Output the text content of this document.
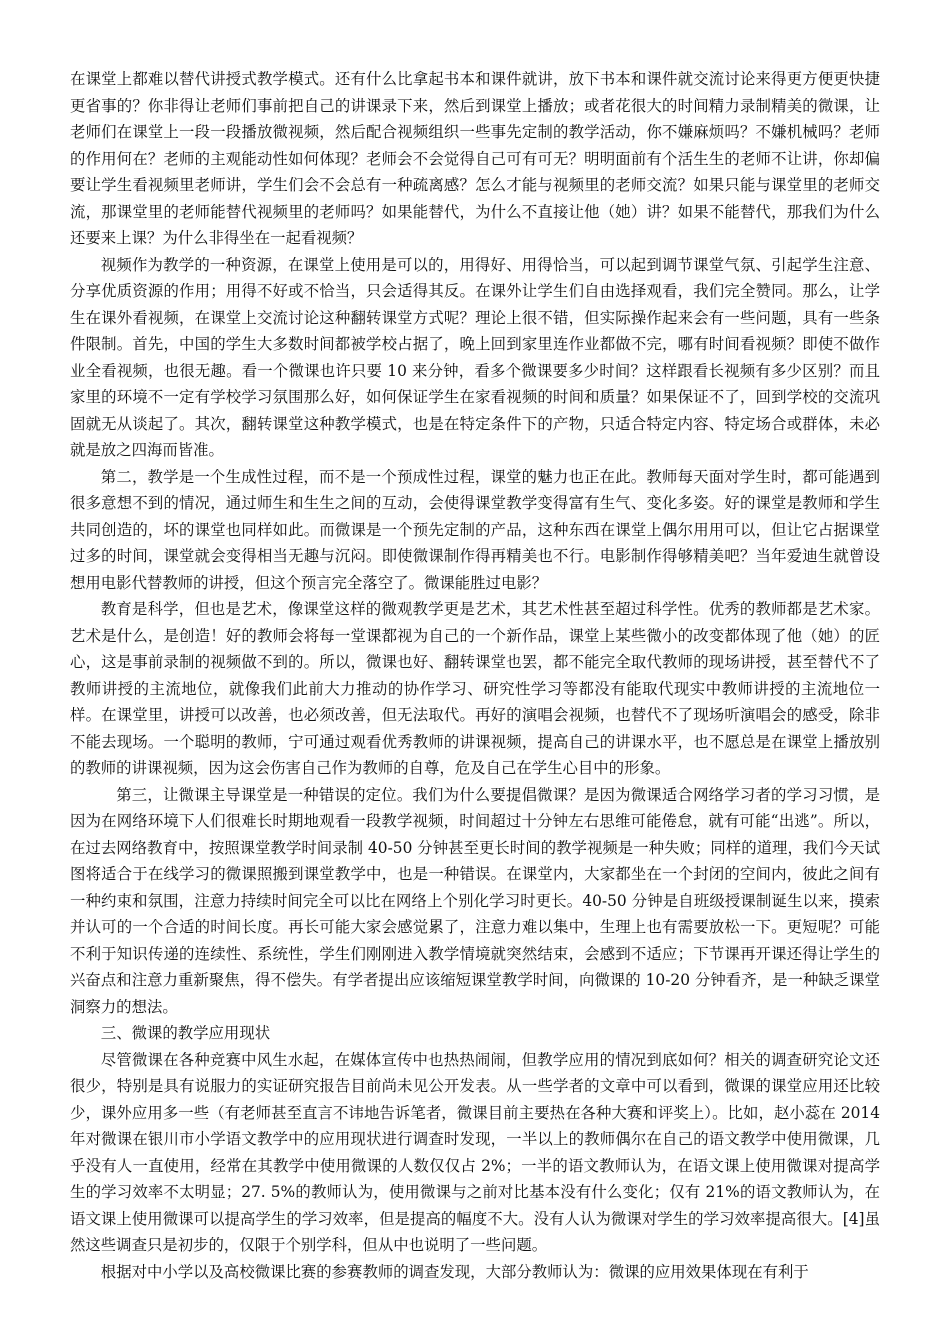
在课堂上都难以替代讲授式教学模式。还有什么比拿起书本和课件就讲，放下书本和课件就交流讨论来得更方便更快捷更省事的？你非得让老师们事前把自己的讲课录下来，然后到课堂上播放；或者花很大的时间精力录制精美的微课，让老师们在课堂上一段一段播放微视频，然后配合视频组织一些事先定制的教学活动，你不嫌麻烦吗？不嫌机械吗？老师的作用何在？老师的主观能动性如何体现？老师会不会觉得自己可有可无？明明面前有个活生生的老师不让讲，你却偏要让学生看视频里老师讲，学生们会不会总有一种疏离感？怎么才能与视频里的老师交流？如果只能与课堂里的老师交流，那课堂里的老师能替代视频里的老师吗？如果能替代，为什么不直接让他（她）讲？如果不能替代，那我们为什么还要来上课？为什么非得坐在一起看视频？

视频作为教学的一种资源，在课堂上使用是可以的，用得好、用得恰当，可以起到调节课堂气氛、引起学生注意、分享优质资源的作用；用得不好或不恰当，只会适得其反。在课外让学生们自由选择观看，我们完全赞同。那么，让学生在课外看视频，在课堂上交流讨论这种翻转课堂方式呢？理论上很不错，但实际操作起来会有一些问题，具有一些条件限制。首先，中国的学生大多数时间都被学校占据了，晚上回到家里连作业都做不完，哪有时间看视频？即使不做作业全看视频，也很无趣。看一个微课也许只要 10 来分钟，看多个微课要多少时间？这样跟看长视频有多少区别？而且家里的环境不一定有学校学习氛围那么好，如何保证学生在家看视频的时间和质量？如果保证不了，回到学校的交流巩固就无从谈起了。其次，翻转课堂这种教学模式，也是在特定条件下的产物，只适合特定内容、特定场合或群体，未必就是放之四海而皆准。

第二，教学是一个生成性过程，而不是一个预成性过程，课堂的魅力也正在此。教师每天面对学生时，都可能遇到很多意想不到的情况，通过师生和生生之间的互动，会使得课堂教学变得富有生气、变化多姿。好的课堂是教师和学生共同创造的，坏的课堂也同样如此。而微课是一个预先定制的产品，这种东西在课堂上偶尔用用可以，但让它占据课堂过多的时间，课堂就会变得相当无趣与沉闷。即使微课制作得再精美也不行。电影制作得够精美吧？当年爱迪生就曾设想用电影代替教师的讲授，但这个预言完全落空了。微课能胜过电影？

教育是科学，但也是艺术，像课堂这样的微观教学更是艺术，其艺术性甚至超过科学性。优秀的教师都是艺术家。艺术是什么，是创造！好的教师会将每一堂课都视为自己的一个新作品，课堂上某些微小的改变都体现了他（她）的匠心，这是事前录制的视频做不到的。所以，微课也好、翻转课堂也罢，都不能完全取代教师的现场讲授，甚至替代不了教师讲授的主流地位，就像我们此前大力推动的协作学习、研究性学习等都没有能取代现实中教师讲授的主流地位一样。在课堂里，讲授可以改善，也必须改善，但无法取代。再好的演唱会视频，也替代不了现场听演唱会的感受，除非不能去现场。一个聪明的教师，宁可通过观看优秀教师的讲课视频，提高自己的讲课水平，也不愿总是在课堂上播放别的教师的讲课视频，因为这会伤害自己作为教师的自尊，危及自己在学生心目中的形象。

第三，让微课主导课堂是一种错误的定位。我们为什么要提倡微课？是因为微课适合网络学习者的学习习惯，是因为在网络环境下人们很难长时期地观看一段教学视频，时间超过十分钟左右思维可能倦怠，就有可能“出逃”。所以，在过去网络教育中，按照课堂教学时间录制 40-50 分钟甚至更长时间的教学视频是一种失败；同样的道理，我们今天试图将适合于在线学习的微课照搬到课堂教学中，也是一种错误。在课堂内，大家都坐在一个封闭的空间内，彼此之间有一种约束和氛围，注意力持续时间完全可以比在网络上个别化学习时更长。40-50 分钟是自班级授课制诞生以来，摸索并认可的一个合适的时间长度。再长可能大家会感觉累了，注意力难以集中，生理上也有需要放松一下。更短呢？可能不利于知识传递的连续性、系统性，学生们刚刚进入教学情境就突然结束，会感到不适应；下节课再开课还得让学生的兴奋点和注意力重新聚焦，得不偿失。有学者提出应该缩短课堂教学时间，向微课的 10-20 分钟看齐，是一种缺乏课堂洞察力的想法。

三、微课的教学应用现状

尽管微课在各种竞赛中风生水起，在媒体宣传中也热热闹闹，但教学应用的情况到底如何？相关的调查研究论文还很少，特别是具有说服力的实证研究报告目前尚未见公开发表。从一些学者的文章中可以看到，微课的课堂应用还比较少，课外应用多一些（有老师甚至直言不讳地告诉笔者，微课目前主要热在各种大赛和评奖上）。比如，赵小蕊在 2014 年对微课在银川市小学语文教学中的应用现状进行调查时发现，一半以上的教师偶尔在自己的语文教学中使用微课，几乎没有人一直使用，经常在其教学中使用微课的人数仅仅占 2%；一半的语文教师认为，在语文课上使用微课对提高学生的学习效率不太明显；27. 5%的教师认为，使用微课与之前对比基本没有什么变化；仅有 21%的语文教师认为，在语文课上使用微课可以提高学生的学习效率，但是提高的幅度不大。没有人认为微课对学生的学习效率提高很大。[4]虽然这些调查只是初步的，仅限于个别学科，但从中也说明了一些问题。

根据对中小学以及高校微课比赛的参赛教师的调查发现，大部分教师认为：微课的应用效果体现在有利于
